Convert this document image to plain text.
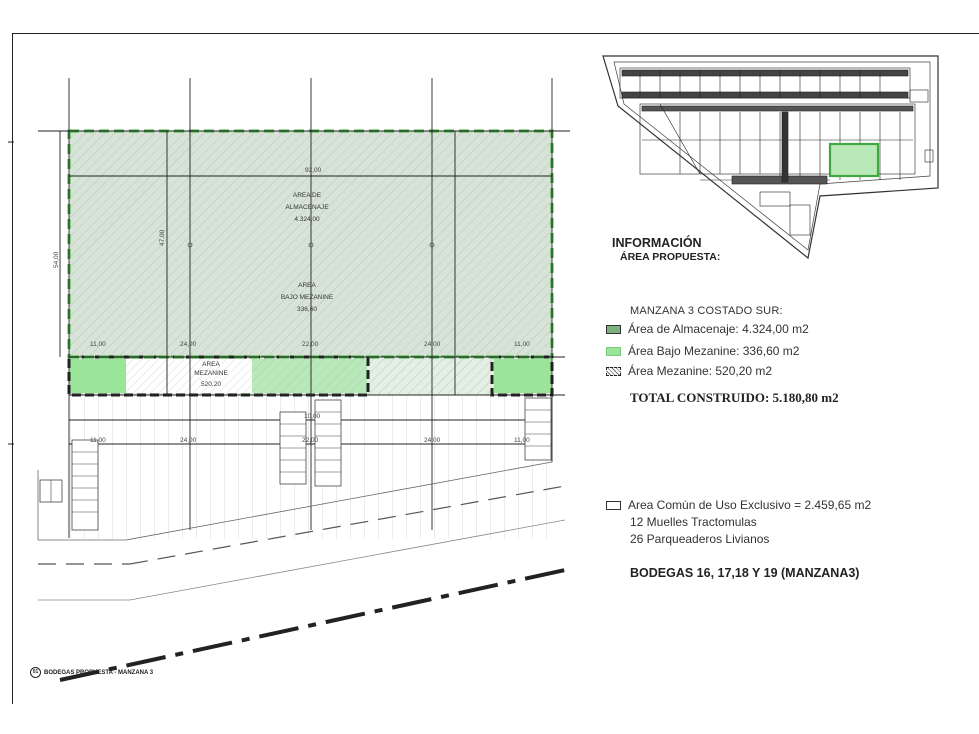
92,00
54,00
47,00
11,00	24,00	22,00	24,00	11,00
11,00	24,00	22,00	24,00	11,00
10,00
AREA DE
ALMACENAJE
4.324,00
AREA
BAJO MEZANINE
336,60
AREA
MEZANINE
520,20
INFORMACIÓN
ÁREA PROPUESTA:
MANZANA 3 COSTADO SUR:
Área de Almacenaje: 4.324,00 m2
Área Bajo Mezanine: 336,60 m2
Área Mezanine: 520,20 m2
TOTAL CONSTRUIDO: 5.180,80 m2
Area Común de Uso Exclusivo = 2.459,65 m2
12 Muelles Tractomulas
26 Parqueaderos Livianos
BODEGAS 16, 17,18 Y 19 (MANZANA3)
01 BODEGAS PROPUESTA - MANZANA 3
